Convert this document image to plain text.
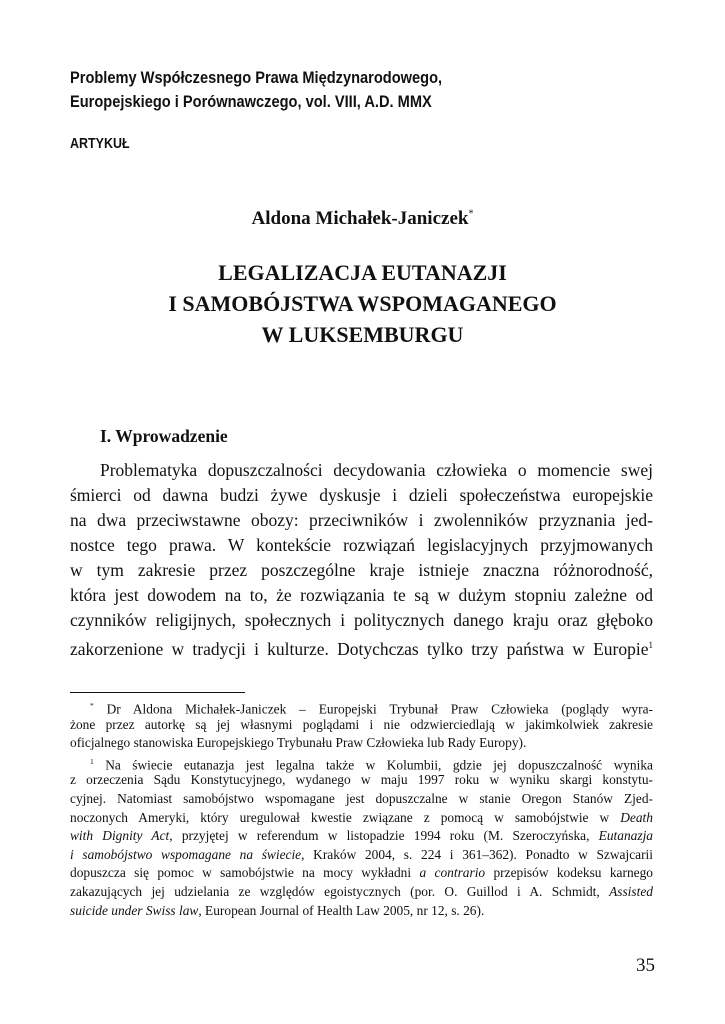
Problemy Współczesnego Prawa Międzynarodowego,
Europejskiego i Porównawczego, vol. VIII, A.D. MMX
ARTYKUŁ
Aldona Michałek-Janiczek*
LEGALIZACJA EUTANAZJI
I SAMOBÓJSTWA WSPOMAGANEGO
W LUKSEMBURGU
I. Wprowadzenie
Problematyka dopuszczalności decydowania człowieka o momencie swej
śmierci od dawna budzi żywe dyskusje i dzieli społeczeństwa europejskie
na dwa przeciwstawne obozy: przeciwników i zwolenników przyznania jed-
nostce tego prawa. W kontekście rozwiązań legislacyjnych przyjmowanych
w tym zakresie przez poszczególne kraje istnieje znaczna różnorodność,
która jest dowodem na to, że rozwiązania te są w dużym stopniu zależne od
czynników religijnych, społecznych i politycznych danego kraju oraz głęboko
zakorzenione w tradycji i kulturze. Dotychczas tylko trzy państwa w Europie$^1$
* Dr Aldona Michałek-Janiczek – Europejski Trybunał Praw Człowieka (poglądy wyra-
żone przez autorkę są jej własnymi poglądami i nie odzwierciedlają w jakimkolwiek zakresie
oficjalnego stanowiska Europejskiego Trybunału Praw Człowieka lub Rady Europy).
$^1$ Na świecie eutanazja jest legalna także w Kolumbii, gdzie jej dopuszczalność wynika
z orzeczenia Sądu Konstytucyjnego, wydanego w maju 1997 roku w wyniku skargi konstytu-
cyjnej. Natomiast samobójstwo wspomagane jest dopuszczalne w stanie Oregon Stanów Zjed-
noczonych Ameryki, który uregulował kwestie związane z pomocą w samobójstwie w Death
with Dignity Act, przyjętej w referendum w listopadzie 1994 roku (M. Szeroczyńska, Eutanazja
i samobójstwo wspomagane na świecie, Kraków 2004, s. 224 i 361–362). Ponadto w Szwajcarii
dopuszcza się pomoc w samobójstwie na mocy wykładni a contrario przepisów kodeksu karnego
zakazujących jej udzielania ze względów egoistycznych (por. O. Guillod i A. Schmidt, Assisted
suicide under Swiss law, European Journal of Health Law 2005, nr 12, s. 26).
35
